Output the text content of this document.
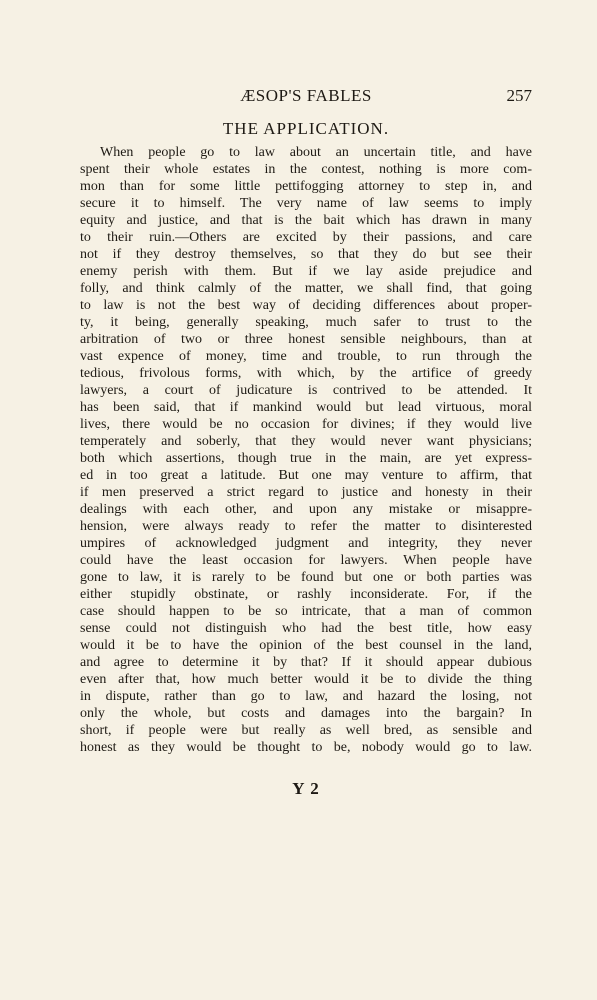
ÆSOP'S FABLES	257
THE APPLICATION.
When people go to law about an uncertain title, and have
spent their whole estates in the contest, nothing is more com-
mon than for some little pettifogging attorney to step in, and
secure it to himself. The very name of law seems to imply
equity and justice, and that is the bait which has drawn in many
to their ruin.—Others are excited by their passions, and care
not if they destroy themselves, so that they do but see their
enemy perish with them. But if we lay aside prejudice and
folly, and think calmly of the matter, we shall find, that going
to law is not the best way of deciding differences about proper-
ty, it being, generally speaking, much safer to trust to the
arbitration of two or three honest sensible neighbours, than at
vast expence of money, time and trouble, to run through the
tedious, frivolous forms, with which, by the artifice of greedy
lawyers, a court of judicature is contrived to be attended. It
has been said, that if mankind would but lead virtuous, moral
lives, there would be no occasion for divines; if they would live
temperately and soberly, that they would never want physicians;
both which assertions, though true in the main, are yet express-
ed in too great a latitude. But one may venture to affirm, that
if men preserved a strict regard to justice and honesty in their
dealings with each other, and upon any mistake or misappre-
hension, were always ready to refer the matter to disinterested
umpires of acknowledged judgment and integrity, they never
could have the least occasion for lawyers. When people have
gone to law, it is rarely to be found but one or both parties was
either stupidly obstinate, or rashly inconsiderate. For, if the
case should happen to be so intricate, that a man of common
sense could not distinguish who had the best title, how easy
would it be to have the opinion of the best counsel in the land,
and agree to determine it by that? If it should appear dubious
even after that, how much better would it be to divide the thing
in dispute, rather than go to law, and hazard the losing, not
only the whole, but costs and damages into the bargain? In
short, if people were but really as well bred, as sensible and
honest as they would be thought to be, nobody would go to law.
Y 2
